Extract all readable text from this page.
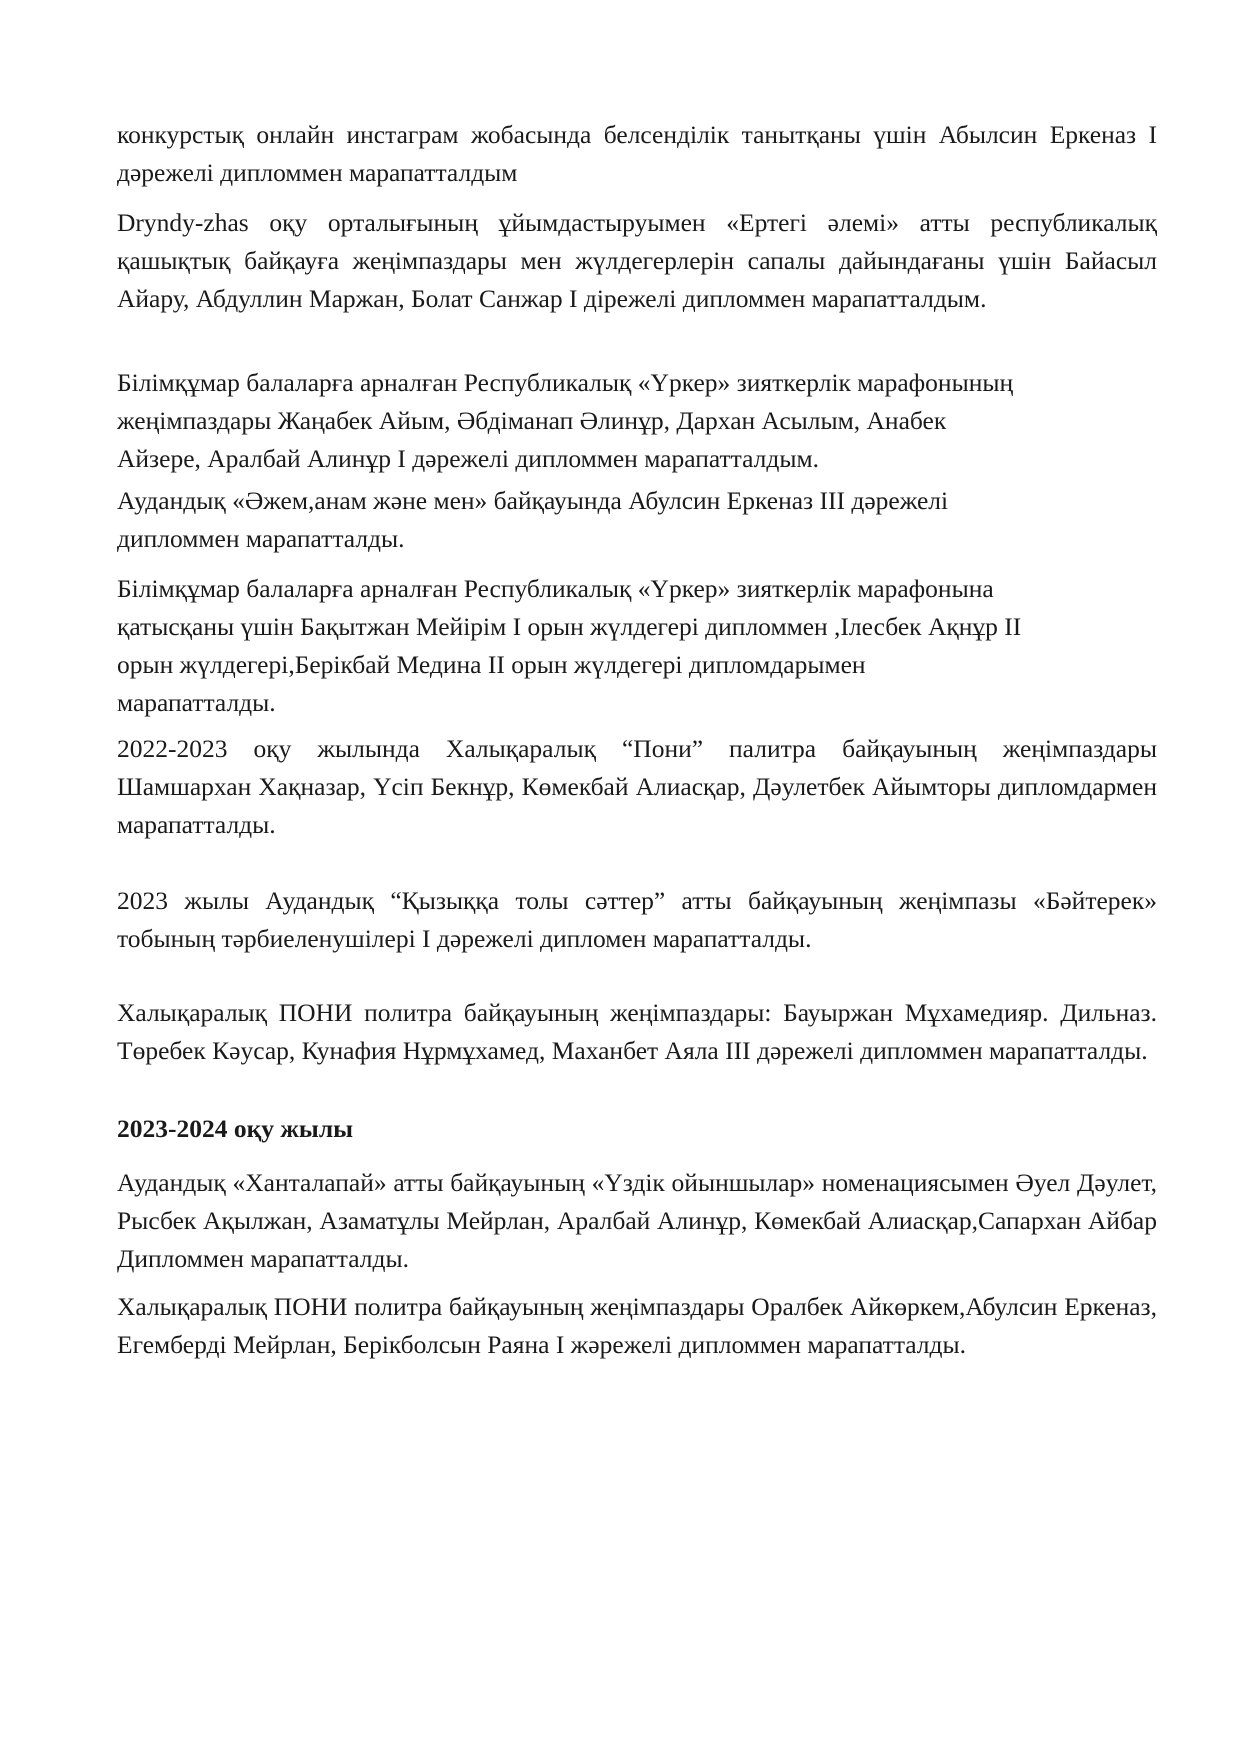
конкурстық онлайн инстаграм жобасында белсенділік танытқаны үшін Абылсин Еркеназ І дәрежелі дипломмен марапатталдым

Dryndy-zhas оқу орталығының ұйымдастыруымен «Ертегі әлемі» атты республикалық қашықтық байқауға жеңімпаздары мен жүлдегерлерін сапалы дайындағаны үшін Байасыл Айару, Абдуллин Маржан, Болат Санжар I дірежелі дипломмен марапатталдым.

Білімқұмар балаларға арналған Республикалық «Үркер» зияткерлік марафонының
жеңімпаздары Жаңабек Айым, Әбдіманап Әлинұр, Дархан Асылым, Анабек
Айзере, Аралбай Алинұр І дәрежелі дипломмен марапатталдым.

Аудандық «Әжем,анам және мен» байқауында Абулсин Еркеназ ІІІ дәрежелі
дипломмен марапатталды.

Білімқұмар балаларға арналған Республикалық «Үркер» зияткерлік марафонына
қатысқаны үшін Бақытжан Мейірім І орын жүлдегері дипломмен ,Ілесбек Ақнұр ІІ
орын жүлдегері,Берікбай Медина ІІ орын жүлдегері дипломдарымен
марапатталды.

2022-2023 оқу жылында Халықаралық “Пони” палитра байқауының жеңімпаздары Шамшархан Хақназар, Үсіп Бекнұр, Көмекбай Алиасқар, Дәулетбек Айымторы дипломдармен марапатталды.

2023 жылы Аудандық “Қызыққа толы сәттер” атты байқауының жеңімпазы «Бәйтерек» тобының тәрбиеленушілері І дәрежелі дипломен марапатталды.

Халықаралық ПОНИ политра байқауының жеңімпаздары: Бауыржан Мұхамедияр. Дильназ. Төребек Кәусар, Кунафия Нұрмұхамед, Маханбет Аяла ІІІ дәрежелі дипломмен марапатталды.

2023-2024 оқу жылы

Аудандық «Ханталапай» атты байқауының «Үздік ойыншылар» номенациясымен Әуел Дәулет, Рысбек Ақылжан, Азаматұлы Мейрлан, Аралбай Алинұр, Көмекбай Алиасқар,Сапархан Айбар Дипломмен марапатталды.

Халықаралық ПОНИ политра байқауының жеңімпаздары Оралбек Айкөркем,Абулсин Еркеназ, Егемберді Мейрлан, Берікболсын Раяна І жәрежелі дипломмен марапатталды.
